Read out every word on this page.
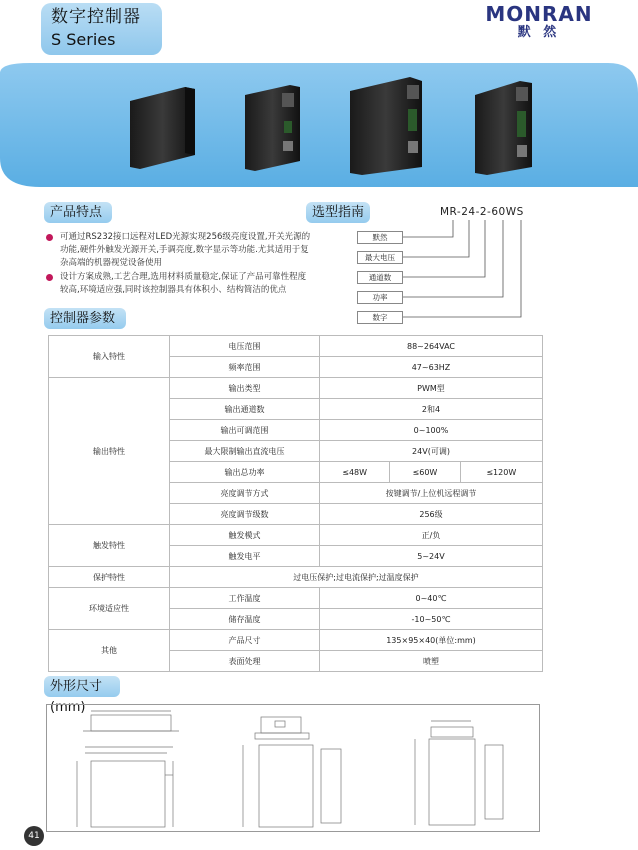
数字控制器
S Series
MONRAN
默 然
产品特点	选型指南
控制器参数
外形尺寸(mm)
可通过RS232接口远程对LED光源实现256级亮度设置,开关光源的功能,硬件外触发光源开关,手调亮度,数字显示等功能.尤其适用于复杂高端的机器视觉设备使用
设计方案成熟,工艺合理,选用材料质量稳定,保证了产品可靠性程度较高,环境适应强,同时该控制器具有体积小、结构简洁的优点
MR-24-2-60WS
默然
最大电压
通道数
功率
数字
输入特性	电压范围	88~264VAC		
	频率范围	47~63HZ		
输出特性	输出类型	PWM型		
	输出通道数	2和4		
	输出可调范围	0~100%		
	最大限制输出直流电压	24V(可调)		
	输出总功率	≤48W	≤60W	≤120W
	亮度调节方式	按键调节/上位机远程调节		
	亮度调节级数	256级		
触发特性	触发模式	正/负		
	触发电平	5~24V		
保护特性	过电压保护;过电流保护;过温度保护			
环境适应性	工作温度	0~40℃		
	储存温度	-10~50℃		
其他	产品尺寸	135×95×40(单位:mm)		
	表面处理	喷塑		
41
